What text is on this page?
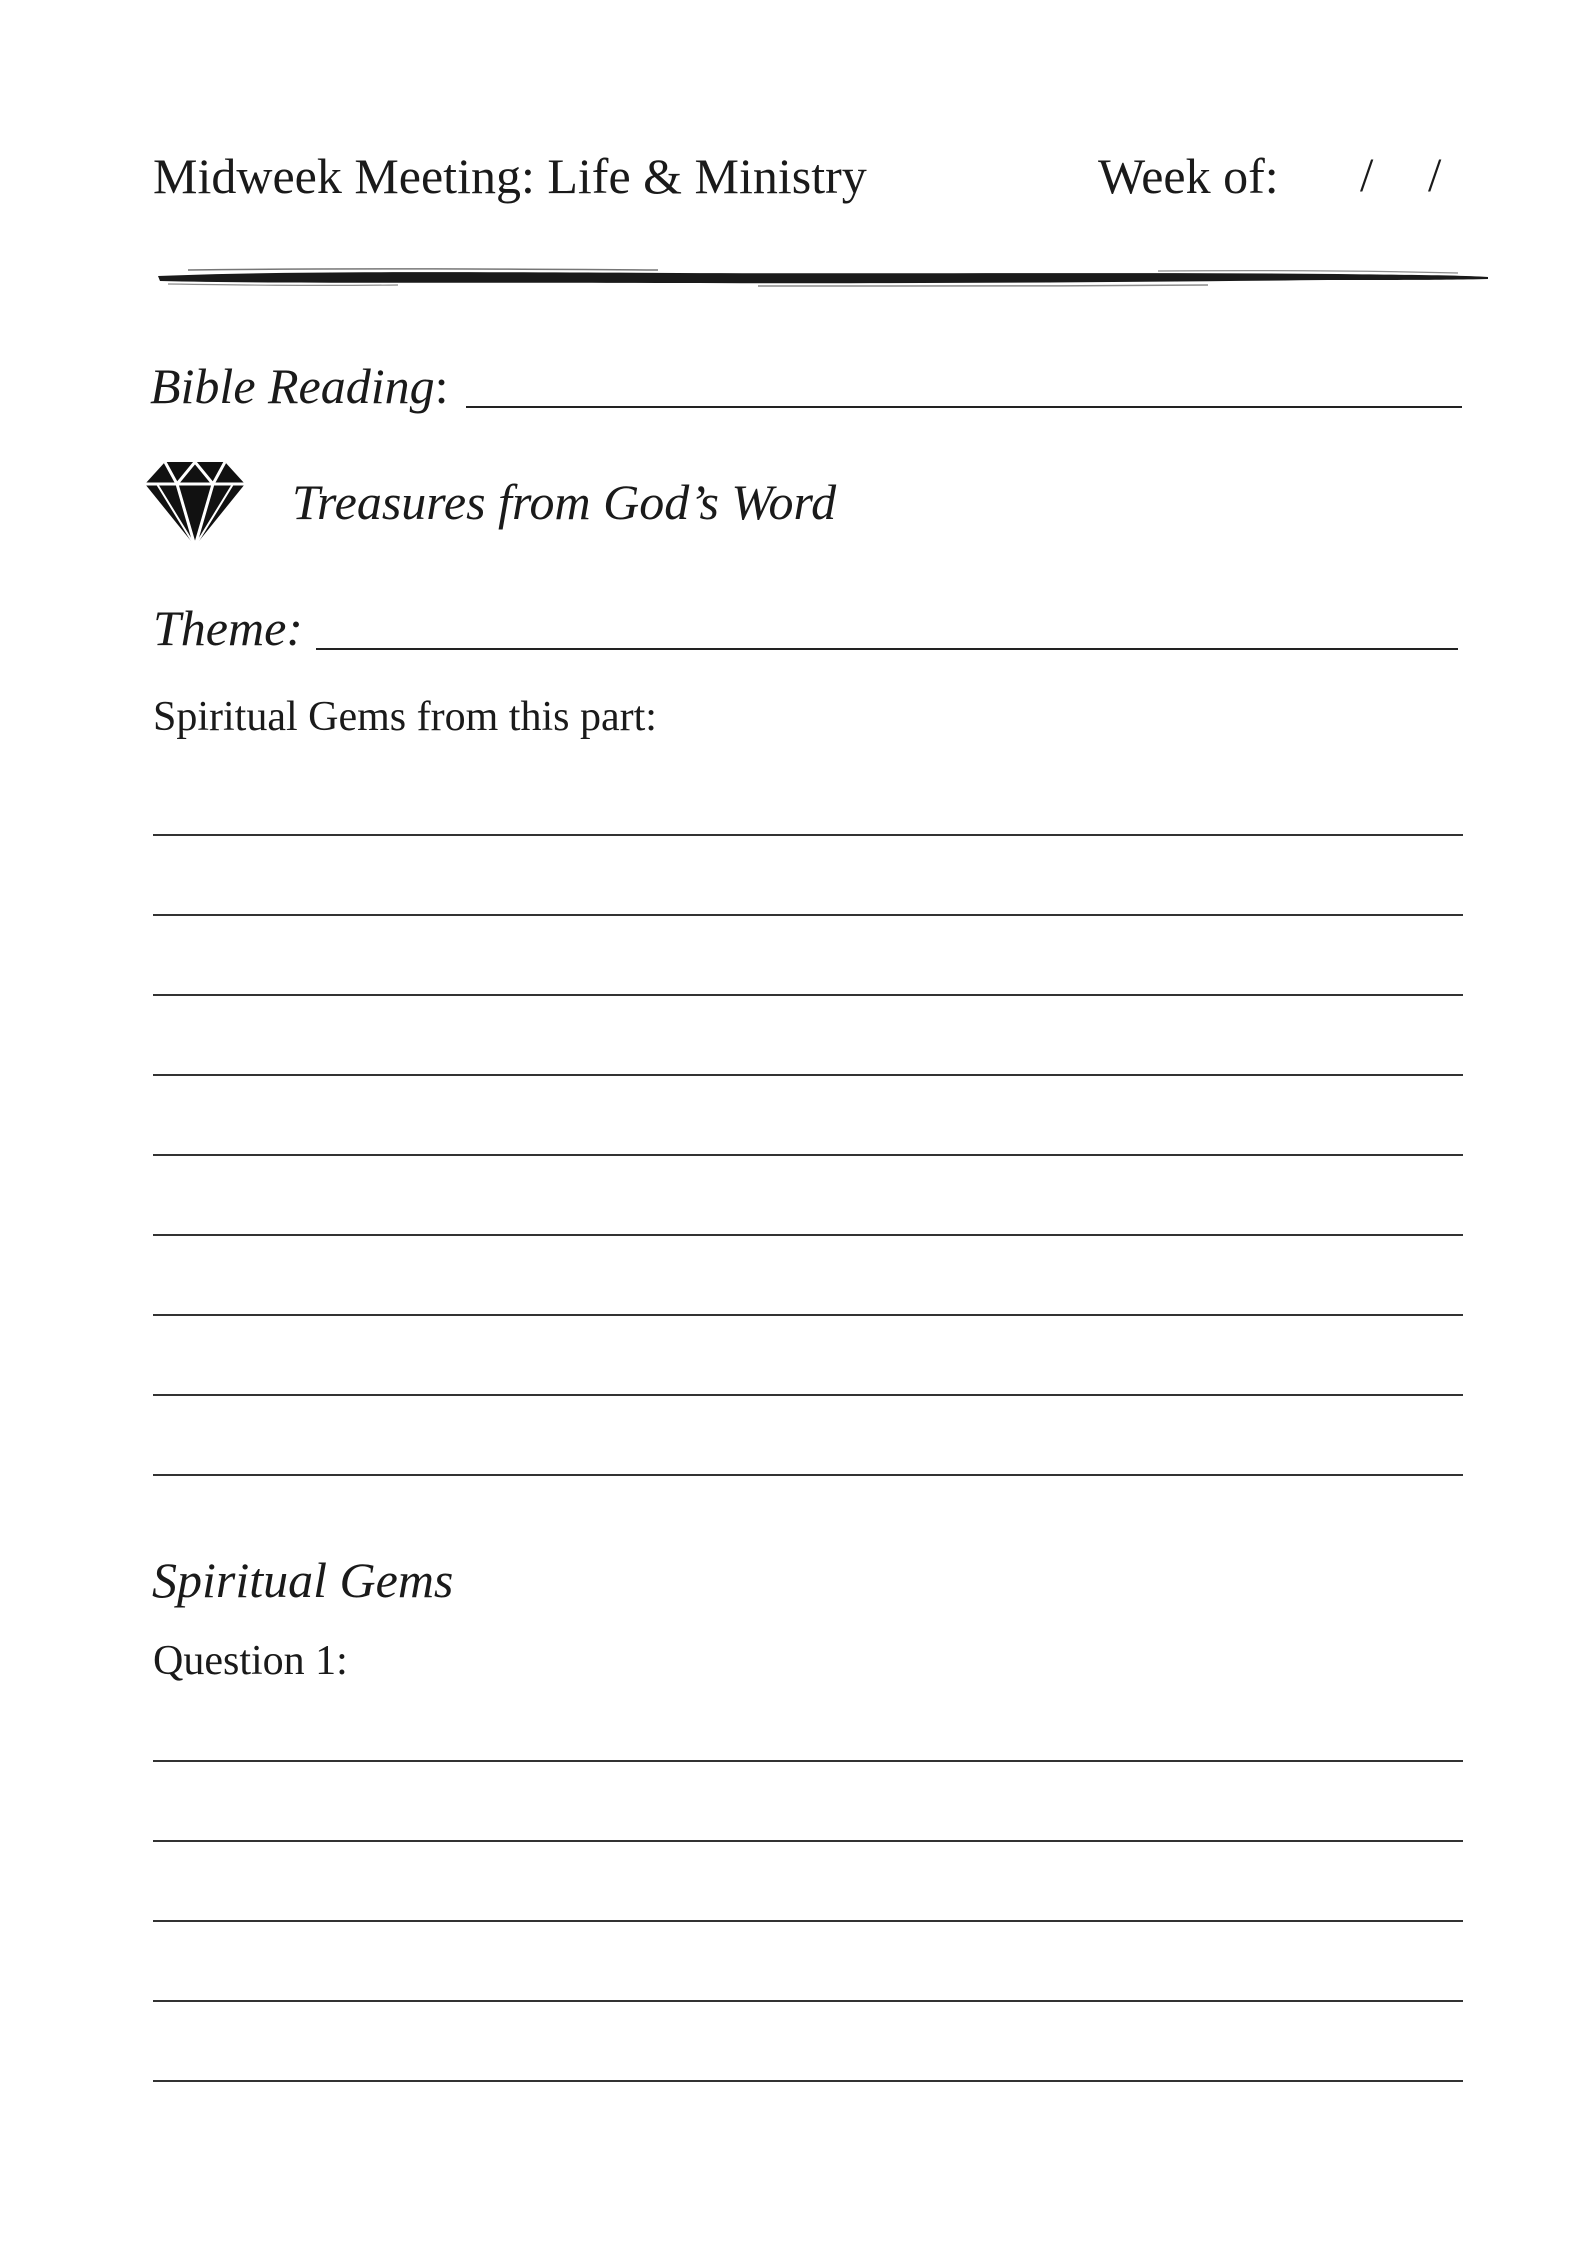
Midweek Meeting: Life & Ministry	Week of: / /
Bible Reading:
Treasures from God’s Word
Theme:
Spiritual Gems from this part:
Spiritual Gems
Question 1:
